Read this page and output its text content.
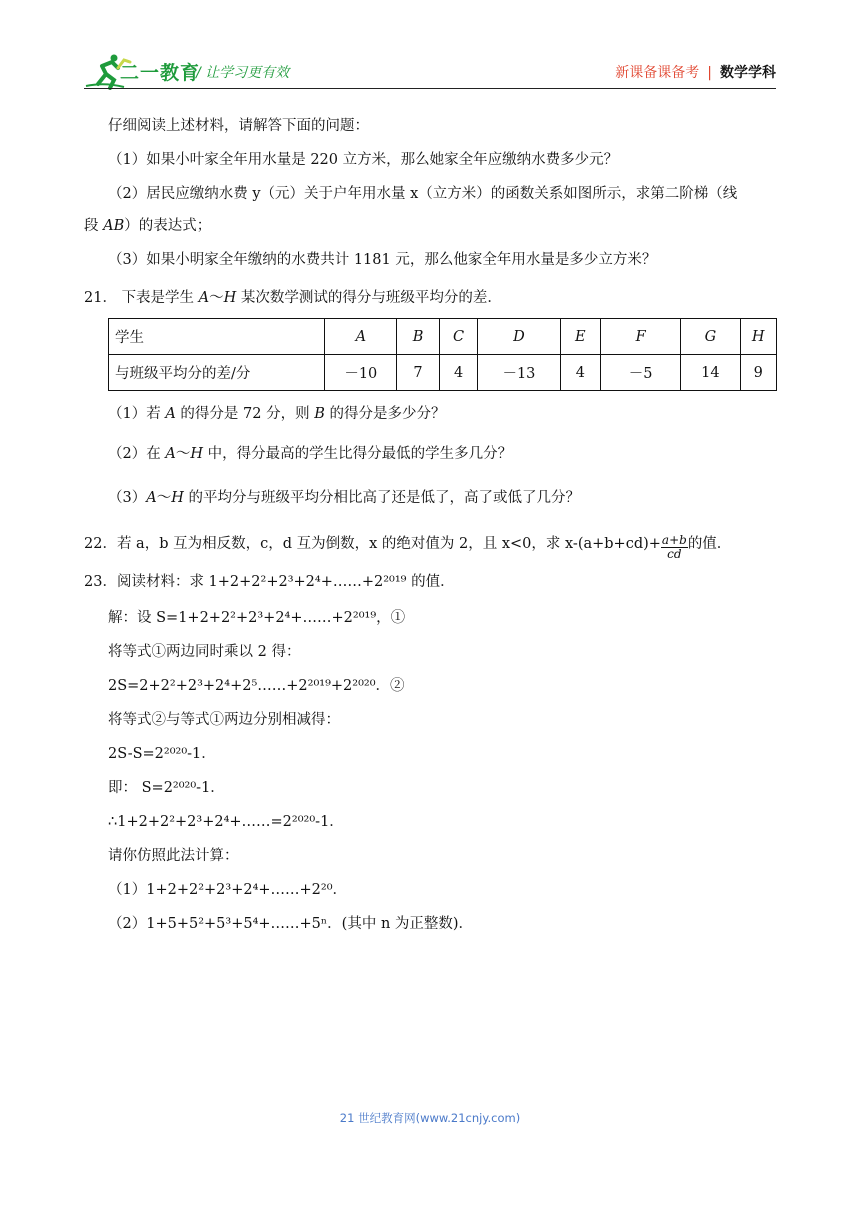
二一教育
/ 让学习更有效	新课备课备考 | 数学学科
仔细阅读上述材料，请解答下面的问题：
（1）如果小叶家全年用水量是 220 立方米，那么她家全年应缴纳水费多少元？
（2）居民应缴纳水费 y（元）关于户年用水量 x（立方米）的函数关系如图所示，求第二阶梯（线
段 AB）的表达式；
（3）如果小明家全年缴纳的水费共计 1181 元，那么他家全年用水量是多少立方米？
21． 下表是学生 A～H 某次数学测试的得分与班级平均分的差．
学生	A	B	C	D	E	F	G	H
与班级平均分的差/分	－10	7	4	－13	4	－5	14	9
（1）若 A 的得分是 72 分，则 B 的得分是多少分？
（2）在 A～H 中，得分最高的学生比得分最低的学生多几分？
（3）A～H 的平均分与班级平均分相比高了还是低了，高了或低了几分？
22．若 a，b 互为相反数，c，d 互为倒数，x 的绝对值为 2，且 x<0，求 $x-(a+b+cd)+ \frac{a+b}{cd}$ 的值．
23．阅读材料：求 1+2+2²+2³+2⁴+……+2²⁰¹⁹ 的值．
解：设 S=1+2+2²+2³+2⁴+……+2²⁰¹⁹，①
将等式①两边同时乘以 2 得：
2S=2+2²+2³+2⁴+2⁵……+2²⁰¹⁹+2²⁰²⁰．②
将等式②与等式①两边分别相减得：
2S-S=2²⁰²⁰-1．
即： S=2²⁰²⁰-1．
∴1+2+2²+2³+2⁴+……=2²⁰²⁰-1．
请你仿照此法计算：
（1）1+2+2²+2³+2⁴+……+2²⁰．
（2）1+5+5²+5³+5⁴+……+5ⁿ．(其中 n 为正整数)．
21 世纪教育网(www.21cnjy.com)
